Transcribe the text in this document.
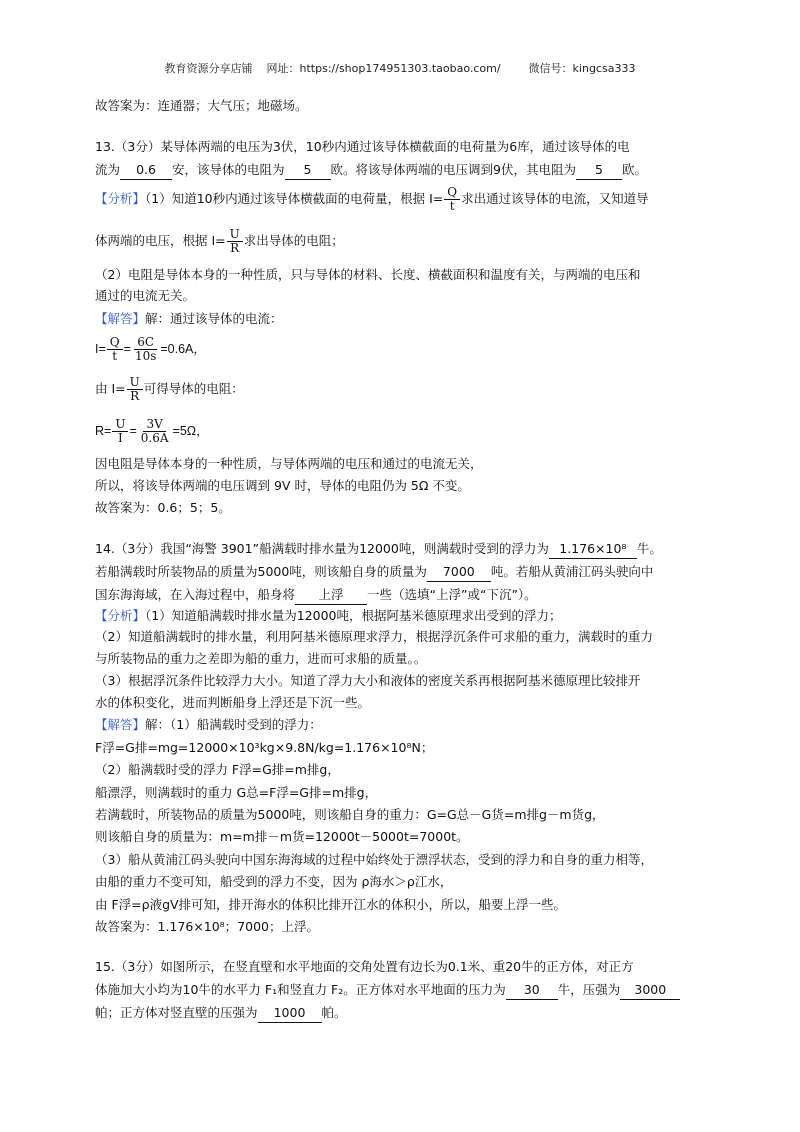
教育资源分享店铺    网址：https://shop174951303.taobao.com/        微信号：kingcsa333
故答案为：连通器；大气压；地磁场。
13.（3分）某导体两端的电压为3伏，10秒内通过该导体横截面的电荷量为6库，通过该导体的电
流为 0.6 安，该导体的电阻为 5 欧。将该导体两端的电压调到9伏，其电阻为 5 欧。
【分析】（1）知道10秒内通过该导体横截面的电荷量，根据 $I= \frac{Q}{t}$ 求出通过该导体的电流，又知道导
体两端的电压，根据 $I= \frac{U}{R}$ 求出导体的电阻；
（2）电阻是导体本身的一种性质，只与导体的材料、长度、横截面积和温度有关，与两端的电压和
通过的电流无关。
【解答】解：通过该导体的电流：
$I= \frac{Q}{t} = \frac{6C}{10s} =0.6A$，
由 $I= \frac{U}{R}$ 可得导体的电阻：
$R= \frac{U}{I} = \frac{3V}{0.6A} =5\Omega$，
因电阻是导体本身的一种性质，与导体两端的电压和通过的电流无关，
所以，将该导体两端的电压调到 9V 时，导体的电阻仍为 5Ω 不变。
故答案为：0.6；5；5。
14.（3分）我国“海警 3901”船满载时排水量为12000吨，则满载时受到的浮力为 1.176×10⁸ 牛。
若船满载时所装物品的质量为5000吨，则该船自身的质量为 7000 吨。若船从黄浦江码头驶向中
国东海海域，在入海过程中，船身将 上浮 一些（选填“上浮”或“下沉”）。
【分析】（1）知道船满载时排水量为12000吨，根据阿基米德原理求出受到的浮力；
（2）知道船满载时的排水量，利用阿基米德原理求浮力，根据浮沉条件可求船的重力，满载时的重力
与所装物品的重力之差即为船的重力，进而可求船的质量。。
（3）根据浮沉条件比较浮力大小。知道了浮力大小和液体的密度关系再根据阿基米德原理比较排开
水的体积变化，进而判断船身上浮还是下沉一些。
【解答】解：（1）船满载时受到的浮力：
F浮=G排=mg=12000×10³kg×9.8N/kg=1.176×10⁸N；
（2）船满载时受的浮力 F浮=G排=m排g，
船漂浮，则满载时的重力 G总=F浮=G排=m排g，
若满载时，所装物品的质量为5000吨，则该船自身的重力：G=G总－G货=m排g－m货g，
则该船自身的质量为：m=m排－m货=12000t－5000t=7000t。
（3）船从黄浦江码头驶向中国东海海域的过程中始终处于漂浮状态，受到的浮力和自身的重力相等，
由船的重力不变可知，船受到的浮力不变，因为 ρ海水＞ρ江水，
由 F浮=ρ液gV排可知，排开海水的体积比排开江水的体积小，所以，船要上浮一些。
故答案为：1.176×10⁸；7000；上浮。
15.（3分）如图所示，在竖直壁和水平地面的交角处置有边长为0.1米、重20牛的正方体，对正方
体施加大小均为10牛的水平力 F₁和竖直力 F₂。正方体对水平地面的压力为 30 牛，压强为 3000
帕；正方体对竖直壁的压强为 1000 帕。
